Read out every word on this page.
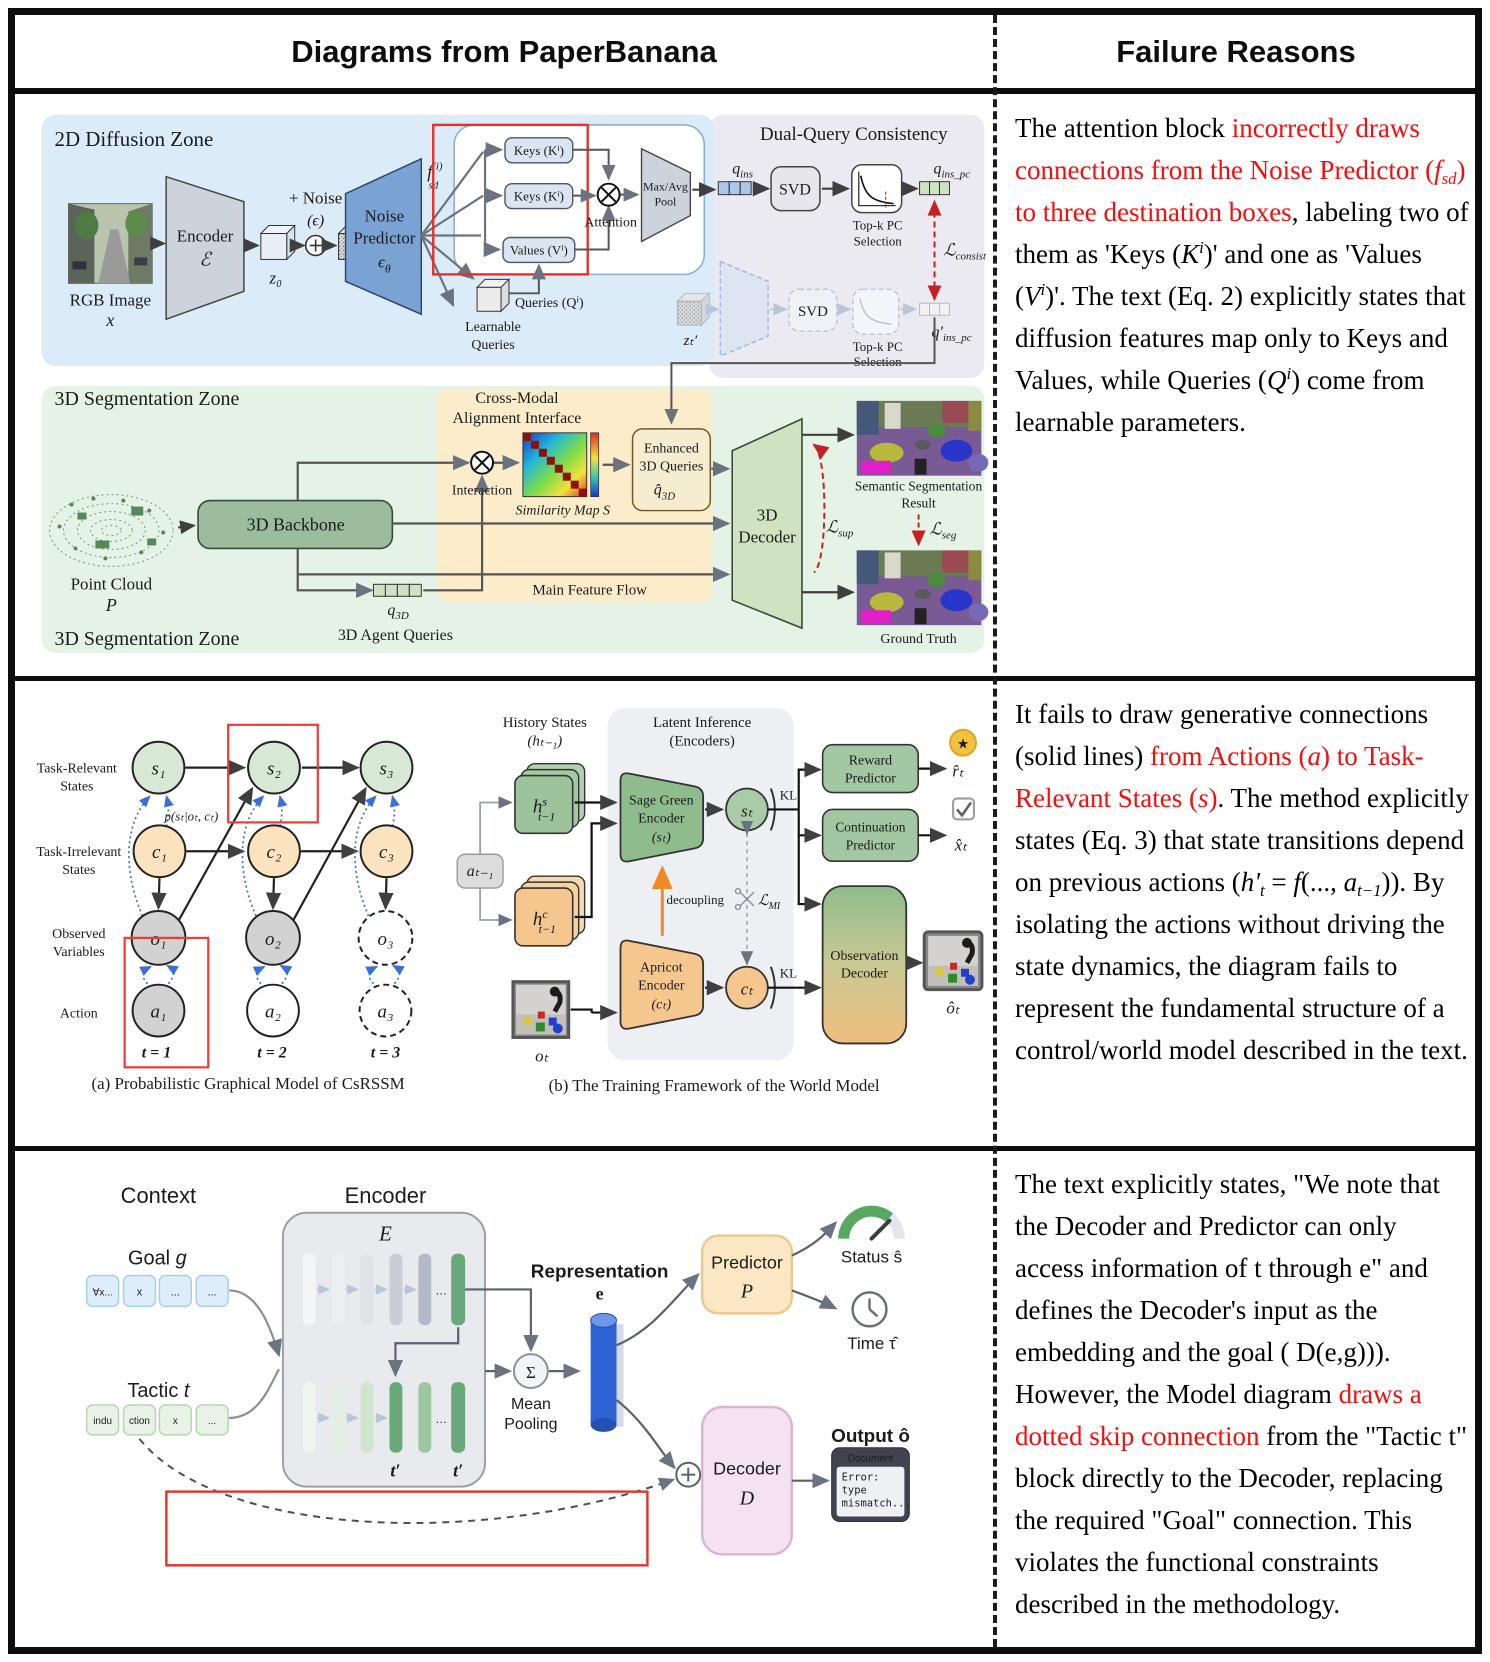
Diagrams from PaperBanana	Failure Reasons
2D Diffusion Zone	Dual-Query Consistency
3D Segmentation Zone
3D Segmentation Zone
Cross-Modal
Alignment Interface
RGB Image
x
Encoder
ℰ
z₀
+ Noise
(ϵ) Noise
Predictor
$\epsilon_\theta$
$f^{(i)}$ sd
Keys (Kⁱ)
Keys (Kⁱ)
Values (Vⁱ)
Attention
Max/Avg
Pool
Queries (Qⁱ)
Learnable
Queries
$q_{ins}$
SVD
Top-k PC
Selection
$q_{ins\_pc}$
ℒ$_{consist}$
zₜ′
SVD
Top-k PC
Selection
$q'_{ins\_pc}$
Point Cloud
P
3D Backbone
Interaction
Similarity Map S
Enhanced
3D Queries
$q̂_{3D}$
Main Feature Flow
$q_{3D}$
3D Agent Queries
3D
Decoder
ℒ$_{sup}$
Semantic Segmentation
Result
ℒ$_{seg}$
Ground Truth

The attention block incorrectly draws connections from the Noise Predictor $(f_{sd})$ to three destination boxes, labeling two of them as 'Keys $(K^i)'$ and one as 'Values $(V^i)'$. The text (Eq. 2) explicitly states that diffusion features map only to Keys and Values, while Queries $(Q^i)$ come from learnable parameters.

Task-Relevant
States
Task-Irrelevant
States
Observed
Variables
Action
p(sₜ|oₜ, cₜ)
s₁	s₂	s₃
c₁	c₂	c₃
o₁	o₂	o₃
a₁	a₂	a₃
t = 1	t = 2	t = 3
(a) Probabilistic Graphical Model of CsRSSM
History States
(hₜ₋₁)
Latent Inference
(Encoders)
$h^s$ t−1
$h^c$ t−1
aₜ₋₁
oₜ
Sage Green
Encoder
(sₜ)
Apricot
Encoder
(cₜ)
sₜ
cₜ
KL
KL
decoupling ℒ$_{MI}$
Reward
Predictor
★
r̂ₜ
Continuation
Predictor	x̂ₜ
Observation
Decoder
ôₜ
(b) The Training Framework of the World Model

It fails to draw generative connections (solid lines) from Actions (a) to Task-Relevant States (s). The method explicitly states (Eq. 3) that state transitions depend on previous actions ($h'_t = f$(..., $a_{t-1}$)). By isolating the actions without driving the state dynamics, the diagram fails to represent the fundamental structure of a control/world model described in the text.

Context
Goal g
∀x... x	...	...
Tactic t
indu ction x	...
Encoder
E
…
…
t′	t′
Σ
Mean
Pooling
Representation
e
Predictor
P
Status ŝ
Time τ̂
Decoder
D
Output ô
Document
Error:
type
mismatch...

The text explicitly states, "We note that the Decoder and Predictor can only access information of t through e" and defines the Decoder's input as the embedding and the goal ( D(e,g))). However, the Model diagram draws a dotted skip connection from the "Tactic t" block directly to the Decoder, replacing the required "Goal" connection. This violates the functional constraints described in the methodology.
